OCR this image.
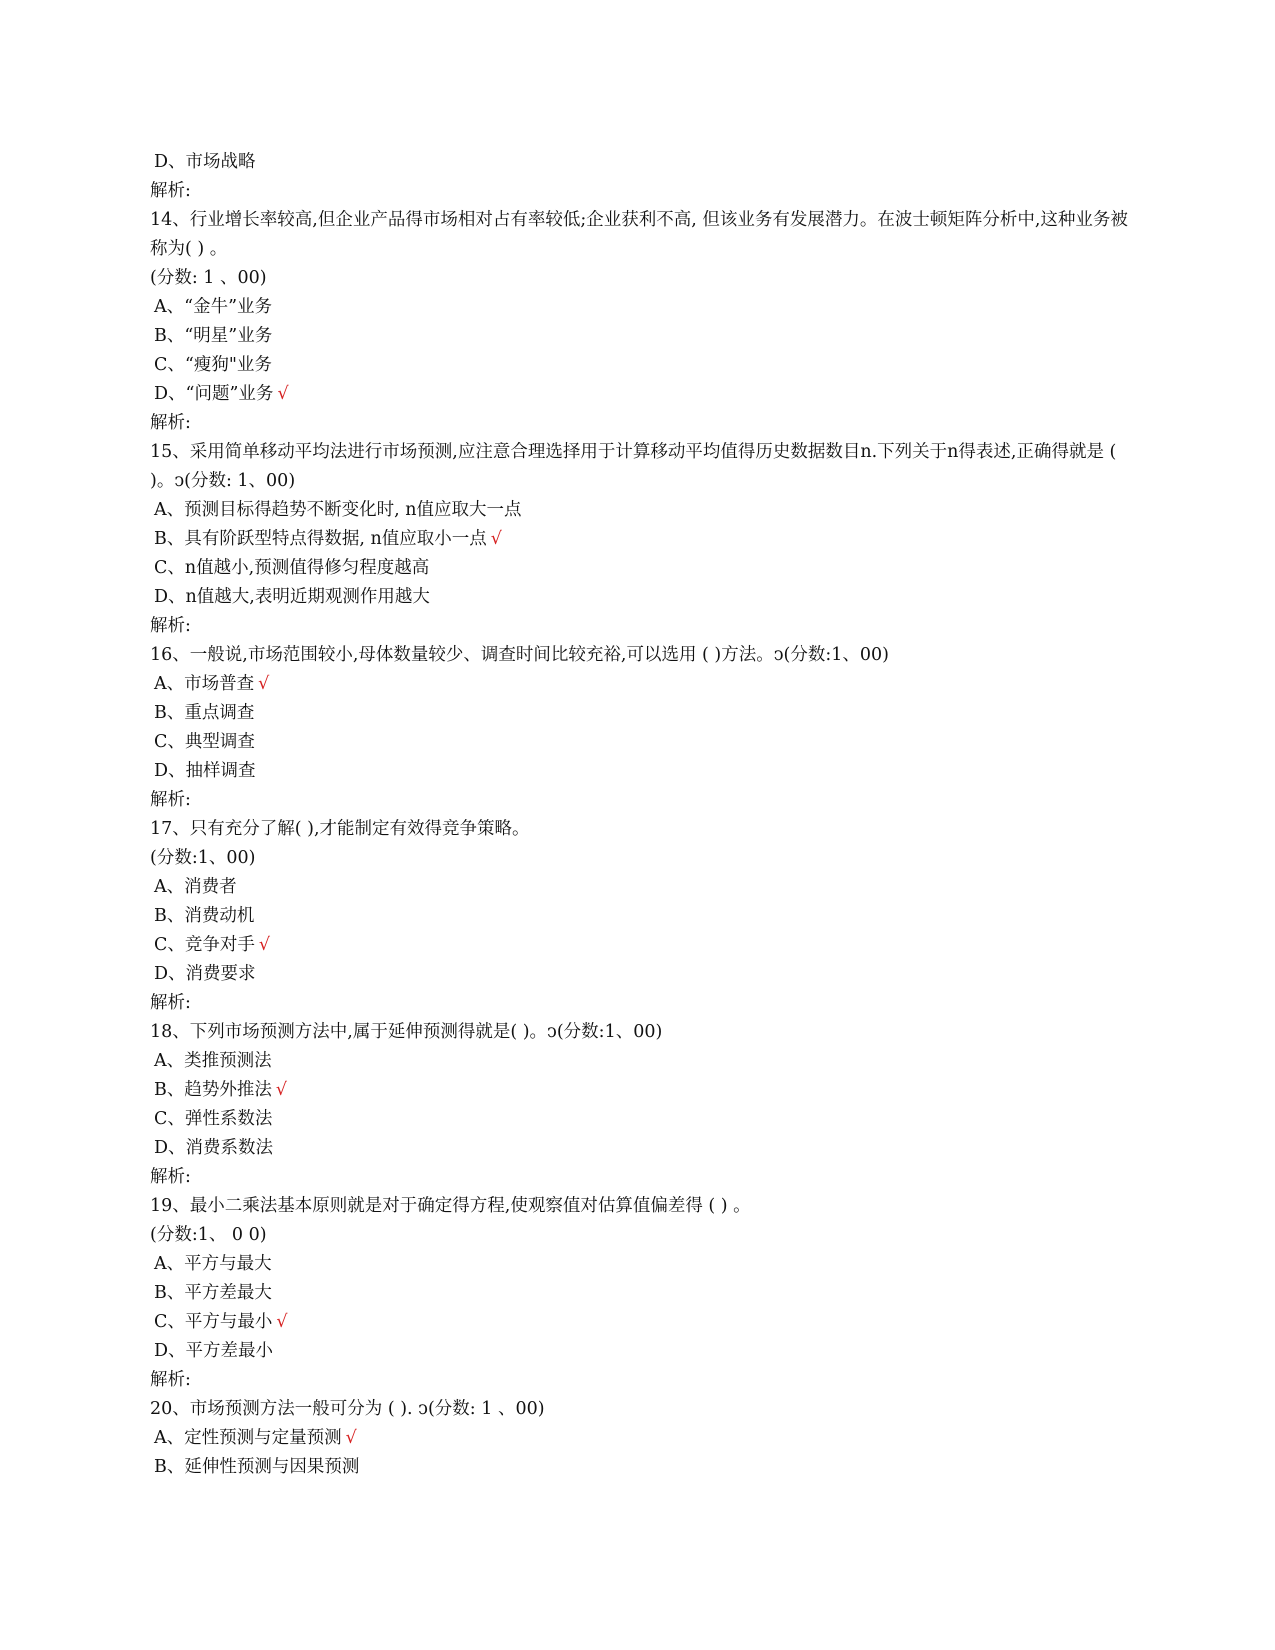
D、市场战略
解析:
14、行业增长率较高,但企业产品得市场相对占有率较低;企业获利不高, 但该业务有发展潜力。在波士顿矩阵分析中,这种业务被称为( ) 。
(分数: 1 、00)
A、“金牛”业务
B、“明星”业务
C、“瘦狗"业务
D、“问题”业务 √
解析:
15、采用简单移动平均法进行市场预测,应注意合理选择用于计算移动平均值得历史数据数目n.下列关于n得表述,正确得就是 ( )。ↄ(分数: 1、00)
A、预测目标得趋势不断变化时, n值应取大一点
B、具有阶跃型特点得数据, n值应取小一点 √
C、n值越小,预测值得修匀程度越高
D、n值越大,表明近期观测作用越大
解析:
16、一般说,市场范围较小,母体数量较少、调查时间比较充裕,可以选用 ( )方法。ↄ(分数:1、00)
A、市场普查 √
B、重点调查
C、典型调查
D、抽样调查
解析:
17、只有充分了解( ),才能制定有效得竞争策略。
(分数:1、00)
A、消费者
B、消费动机
C、竞争对手 √
D、消费要求
解析:
18、下列市场预测方法中,属于延伸预测得就是( )。ↄ(分数:1、00)
A、类推预测法
B、趋势外推法 √
C、弹性系数法
D、消费系数法
解析:
19、最小二乘法基本原则就是对于确定得方程,使观察值对估算值偏差得 ( ) 。
(分数:1、 0 0)
A、平方与最大
B、平方差最大
C、平方与最小 √
D、平方差最小
解析:
20、市场预测方法一般可分为 ( ). ↄ(分数: 1 、00)
A、定性预测与定量预测 √
B、延伸性预测与因果预测
